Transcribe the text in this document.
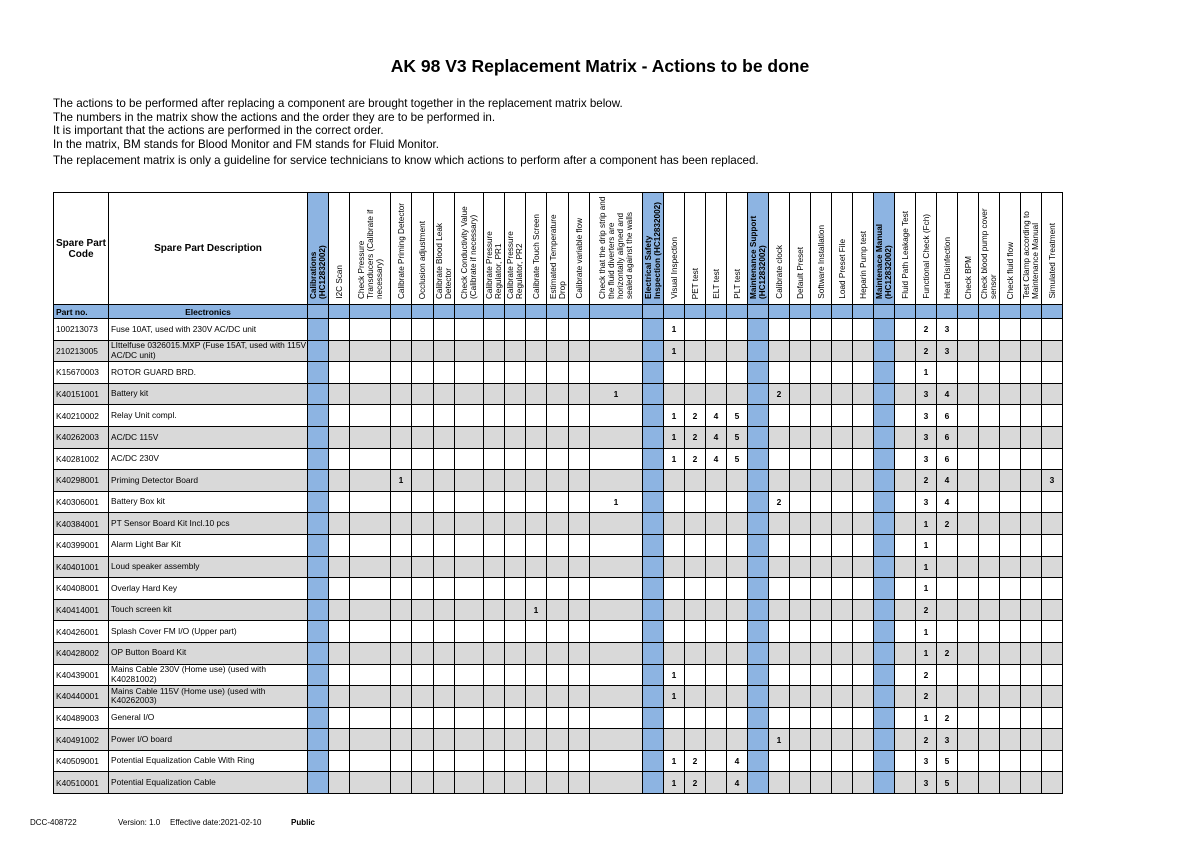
AK 98 V3 Replacement Matrix - Actions to be done
The actions to be performed after replacing a component are brought together in the replacement matrix below.
The numbers in the matrix show the actions and the order they are to be performed in.
It is important that the actions are performed in the correct order.
In the matrix, BM stands for Blood Monitor and FM stands for Fluid Monitor.
The replacement matrix is only a guideline for service technicians to know which actions to perform after a component has been replaced.
Spare Part Code	Spare Part Description	Calibrations (HC12832002)	I2C Scan	Check Pressure Transducers (Calibrate if necessary)	Calibrate Priming Detector	Occlusion adjustment	Calibrate Blood Leak Detector	Check Conductivity Value (Calibrate if necessary)	Calibrate Pressure Regulator, PR1	Calibrate Pressure Regulator, PR2	Calibrate Touch Screen	Estimated Temperature Drop	Calibrate variable flow	Check that the drip strip and the fluid diverters are horizontally aligned and sealed against the walls	Electrical Safety Inspection (HC12832002)	Visual Inspection	PET test	ELT test	PLT test	Maintenance Support (HC12832002)	Calibrate clock	Default Preset	Software Installation	Load Preset File	Heparin Pump test	Maintenace Manual (HC12832002)	Fluid Path Leakage Test	Functional Check (Fch)	Heat Disinfection	Check BPM	Check blood pump cover sensor	Check fluid flow	Test Clamp according to Maintenance Manual	Simulated Treatment
Part no.	Electronics																																	
100213073	Fuse 10AT, used with 230V AC/DC unit															1												2	3					
210213005	LIttelfuse 0326015.MXP (Fuse 15AT, used with 115V AC/DC unit)															1												2	3					
K15670003	ROTOR GUARD BRD.																											1						
K40151001	Battery kit													1							2							3	4					
K40210002	Relay Unit compl.															1	2	4	5									3	6					
K40262003	AC/DC 115V															1	2	4	5									3	6					
K40281002	AC/DC 230V															1	2	4	5									3	6					
K40298001	Priming Detector Board				1																							2	4					3
K40306001	Battery Box kit													1							2							3	4					
K40384001	PT Sensor Board Kit Incl.10 pcs																											1	2					
K40399001	Alarm Light Bar Kit																											1						
K40401001	Loud speaker assembly																											1						
K40408001	Overlay Hard Key																											1						
K40414001	Touch screen kit										1																	2						
K40426001	Splash Cover FM I/O (Upper part)																											1						
K40428002	OP Button Board Kit																											1	2					
K40439001	Mains Cable 230V (Home use) (used with K40281002)															1												2						
K40440001	Mains Cable 115V (Home use) (used with K40262003)															1												2						
K40489003	General I/O																											1	2					
K40491002	Power I/O board																				1							2	3					
K40509001	Potential Equalization Cable With Ring															1	2		4									3	5					
K40510001	Potential Equalization Cable															1	2		4									3	5					
DCC-408722	Version: 1.0 Effective date:2021-02-10	Public
